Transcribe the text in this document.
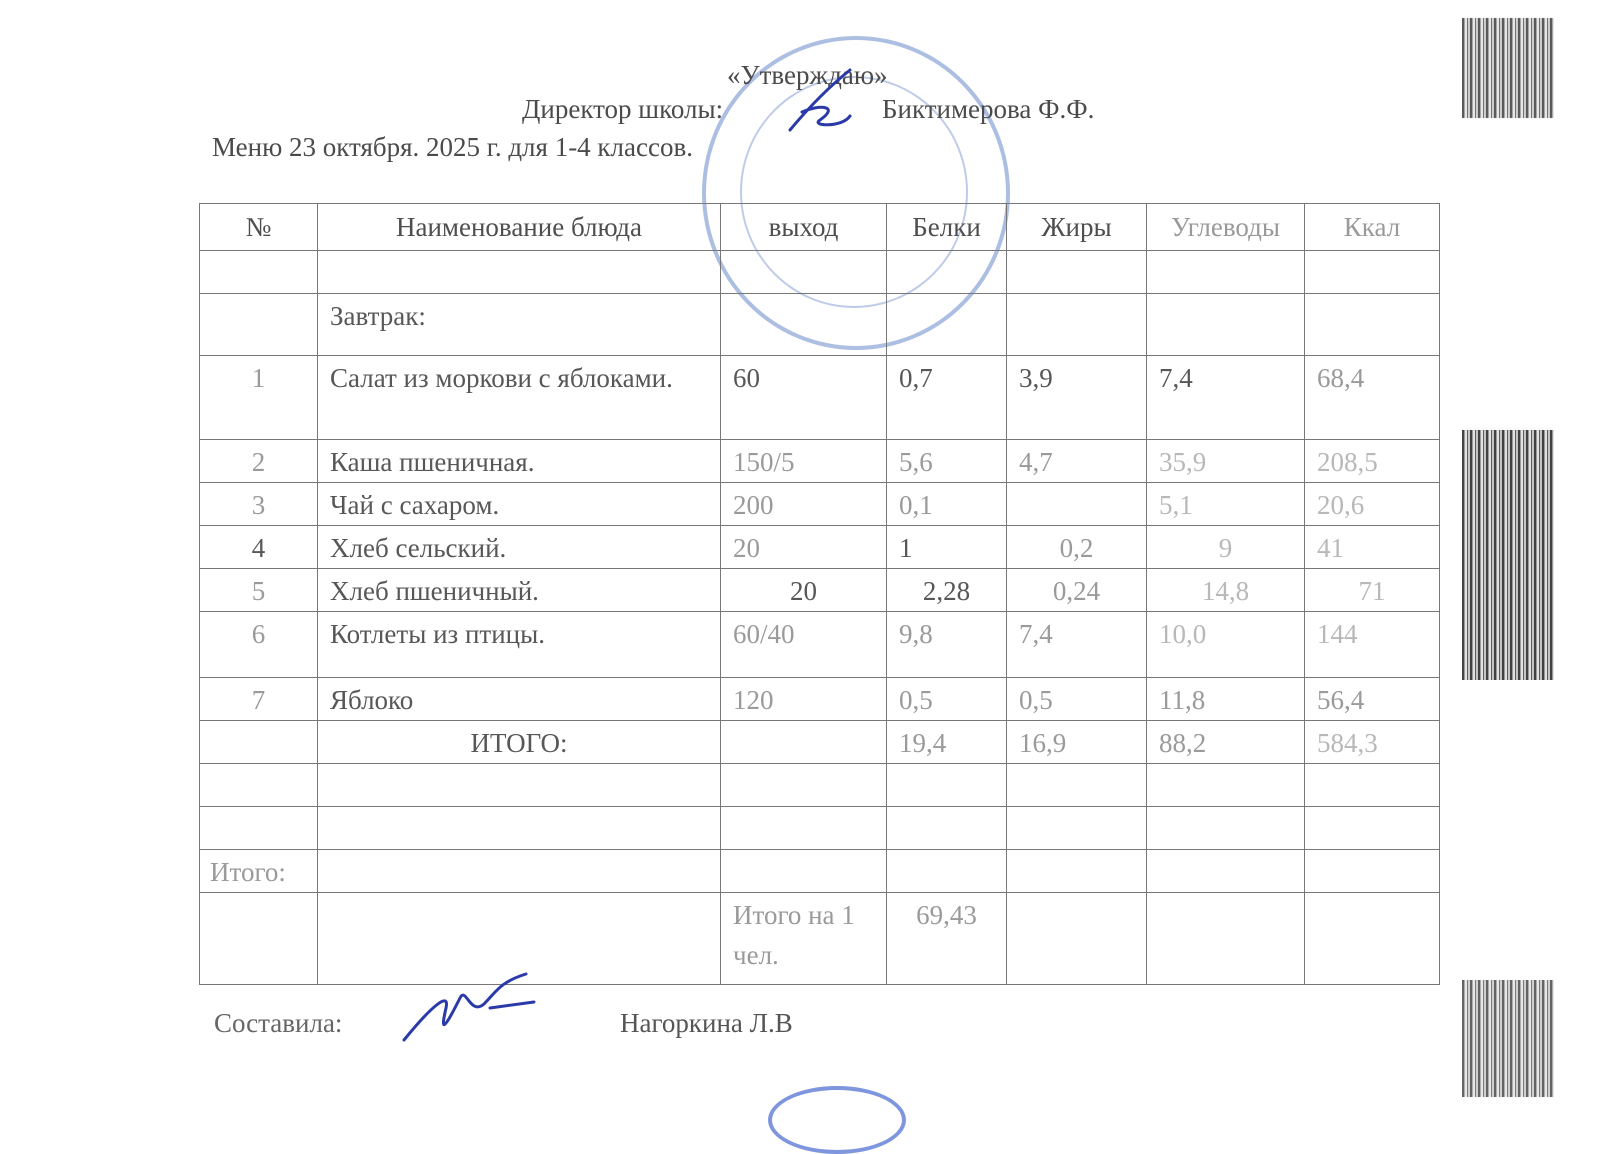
«Утверждаю»
Директор школы:	Биктимерова Ф.Ф.
Меню 23 октября. 2025 г. для 1-4 классов.
№	Наименование блюда	выход	Белки	Жиры	Углеводы	Ккал

	Завтрак:					
1	Салат из моркови с яблоками.	60	0,7	3,9	7,4	68,4
2	Каша пшеничная.	150/5	5,6	4,7	35,9	208,5
3	Чай с сахаром.	200	0,1		5,1	20,6
4	Хлеб сельский.	20	1	0,2	9	41
5	Хлеб пшеничный.	20	2,28	0,24	14,8	71
6	Котлеты из птицы.	60/40	9,8	7,4	10,0	144
7	Яблоко	120	0,5	0,5	11,8	56,4
	ИТОГО:		19,4	16,9	88,2	584,3

Итого:						
		Итого на 1 чел.	69,43			
Составила:	Нагоркина Л.В
